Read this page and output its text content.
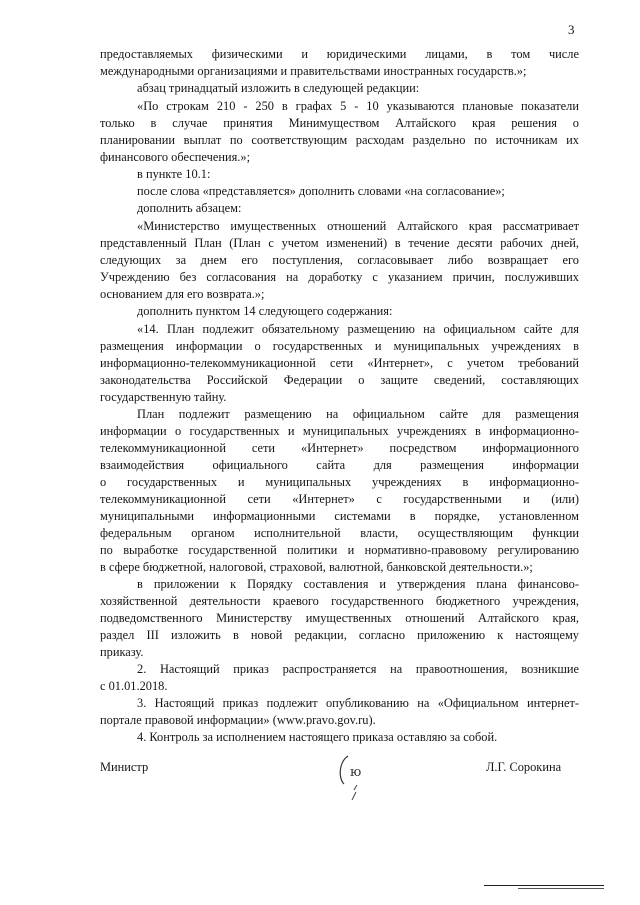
3
предоставляемых физическими и юридическими лицами, в том числе
международными организациями и правительствами иностранных государств.»;
абзац тринадцатый изложить в следующей редакции:
«По строкам 210 - 250 в графах 5 - 10 указываются плановые показатели
только в случае принятия Минимуществом Алтайского края решения о
планировании выплат по соответствующим расходам раздельно по источникам их
финансового обеспечения.»;
в пункте 10.1:
после слова «представляется» дополнить словами «на согласование»;
дополнить абзацем:
«Министерство имущественных отношений Алтайского края рассматривает
представленный План (План с учетом изменений) в течение десяти рабочих дней,
следующих за днем его поступления, согласовывает либо возвращает его
Учреждению без согласования на доработку с указанием причин, послуживших
основанием для его возврата.»;
дополнить пунктом 14 следующего содержания:
«14. План подлежит обязательному размещению на официальном сайте для
размещения информации о государственных и муниципальных учреждениях в
информационно-телекоммуникационной сети «Интернет», с учетом требований
законодательства Российской Федерации о защите сведений, составляющих
государственную тайну.
План подлежит размещению на официальном сайте для размещения
информации о государственных и муниципальных учреждениях в информационно-
телекоммуникационной сети «Интернет» посредством информационного
взаимодействия официального сайта для размещения информации
о государственных и муниципальных учреждениях в информационно-
телекоммуникационной сети «Интернет» с государственными и (или)
муниципальными информационными системами в порядке, установленном
федеральным органом исполнительной власти, осуществляющим функции
по выработке государственной политики и нормативно-правовому регулированию
в сфере бюджетной, налоговой, страховой, валютной, банковской деятельности.»;
в приложении к Порядку составления и утверждения плана финансово-
хозяйственной деятельности краевого государственного бюджетного учреждения,
подведомственного Министерству имущественных отношений Алтайского края,
раздел III изложить в новой редакции, согласно приложению к настоящему
приказу.
2. Настоящий приказ распространяется на правоотношения, возникшие
с 01.01.2018.
3. Настоящий приказ подлежит опубликованию на «Официальном интернет-
портале правовой информации» (www.pravo.gov.ru).
4. Контроль за исполнением настоящего приказа оставляю за собой.
Министр	ю	Л.Г. Сорокина
